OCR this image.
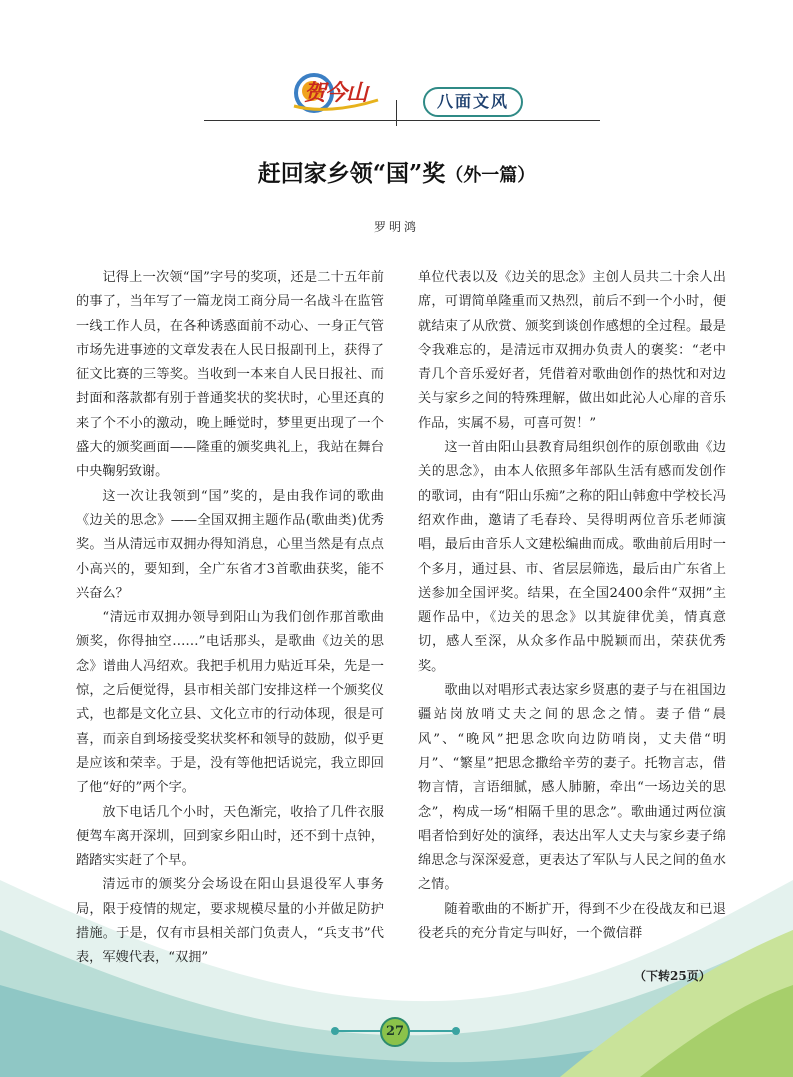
贺今山	八面文风
赶回家乡领“国”奖（外一篇）
罗明鸿

记得上一次领“国”字号的奖项，还是二十五年前的事了，当年写了一篇龙岗工商分局一名战斗在监管一线工作人员，在各种诱惑面前不动心、一身正气管市场先进事迹的文章发表在人民日报副刊上，获得了征文比赛的三等奖。当收到一本来自人民日报社、而封面和落款都有别于普通奖状的奖状时，心里还真的来了个不小的激动，晚上睡觉时，梦里更出现了一个盛大的颁奖画面——隆重的颁奖典礼上，我站在舞台中央鞠躬致谢。

这一次让我领到“国”奖的，是由我作词的歌曲《边关的思念》——全国双拥主题作品(歌曲类)优秀奖。当从清远市双拥办得知消息，心里当然是有点点小高兴的，要知到，全广东省才3首歌曲获奖，能不兴奋么？

“清远市双拥办领导到阳山为我们创作那首歌曲颁奖，你得抽空……”电话那头，是歌曲《边关的思念》谱曲人冯绍欢。我把手机用力贴近耳朵，先是一惊，之后便觉得，县市相关部门安排这样一个颁奖仪式，也都是文化立县、文化立市的行动体现，很是可喜，而亲自到场接受奖状奖杯和领导的鼓励，似乎更是应该和荣幸。于是，没有等他把话说完，我立即回了他“好的”两个字。

放下电话几个小时，天色渐完，收拾了几件衣服便驾车离开深圳，回到家乡阳山时，还不到十点钟，踏踏实实赶了个早。

清远市的颁奖分会场设在阳山县退役军人事务局，限于疫情的规定，要求规模尽量的小并做足防护措施。于是，仅有市县相关部门负责人，“兵支书”代表，军嫂代表，“双拥”

单位代表以及《边关的思念》主创人员共二十余人出席，可谓简单隆重而又热烈，前后不到一个小时，便就结束了从欣赏、颁奖到谈创作感想的全过程。最是令我难忘的，是清远市双拥办负责人的褒奖：“老中青几个音乐爱好者，凭借着对歌曲创作的热忱和对边关与家乡之间的特殊理解，做出如此沁人心扉的音乐作品，实属不易，可喜可贺！”

这一首由阳山县教育局组织创作的原创歌曲《边关的思念》，由本人依照多年部队生活有感而发创作的歌词，由有“阳山乐痴”之称的阳山韩愈中学校长冯绍欢作曲，邀请了毛春玲、吴得明两位音乐老师演唱，最后由音乐人文建松编曲而成。歌曲前后用时一个多月，通过县、市、省层层筛选，最后由广东省上送参加全国评奖。结果，在全国2400余件“双拥”主题作品中，《边关的思念》以其旋律优美，情真意切，感人至深，从众多作品中脱颖而出，荣获优秀奖。

歌曲以对唱形式表达家乡贤惠的妻子与在祖国边疆站岗放哨丈夫之间的思念之情。妻子借“晨风”、“晚风”把思念吹向边防哨岗，丈夫借“明月”、“繁星”把思念撒给辛劳的妻子。托物言志，借物言情，言语细腻，感人肺腑，牵出“一场边关的思念”，构成一场“相隔千里的思念”。歌曲通过两位演唱者恰到好处的演绎，表达出军人丈夫与家乡妻子绵绵思念与深深爱意，更表达了军队与人民之间的鱼水之情。

随着歌曲的不断扩开，得到不少在役战友和已退役老兵的充分肯定与叫好，一个微信群

（下转25页）
27
